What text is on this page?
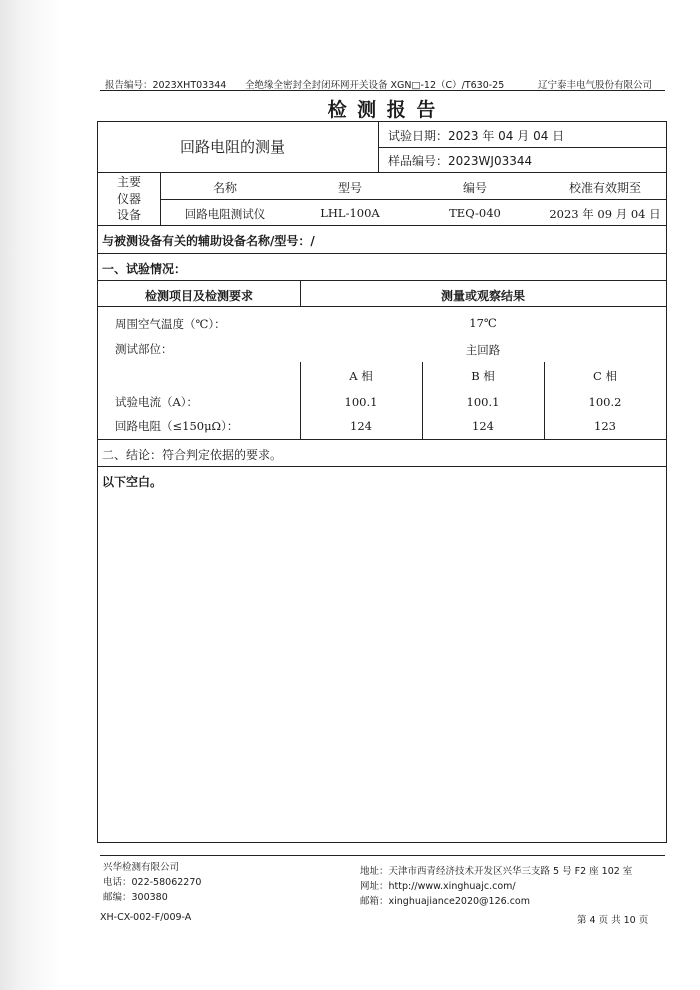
报告编号：2023XHT03344 全绝缘全密封全封闭环网开关设备 XGN□-12（C）/T630-25	辽宁泰丰电气股份有限公司
检 测 报 告
回路电阻的测量
试验日期：2023 年 04 月 04 日
样品编号：2023WJ03344
主要
仪器
设备
名称	型号	编号	校准有效期至
回路电阻测试仪	LHL-100A	TEQ-040	2023 年 09 月 04 日
与被测设备有关的辅助设备名称/型号：/
一、试验情况：
检测项目及检测要求	测量或观察结果
周围空气温度（℃）：	17℃
测试部位：	主回路
A 相	B 相	C 相
试验电流（A）：	100.1	100.1	100.2
回路电阻（≤150μΩ）：	124	124	123
二、结论：符合判定依据的要求。
以下空白。
兴华检测有限公司
电话：022-58062270
邮编：300380
地址：天津市西青经济技术开发区兴华三支路 5 号 F2 座 102 室
网址：http://www.xinghuajc.com/
邮箱：xinghuajiance2020@126.com
XH-CX-002-F/009-A	第 4 页 共 10 页
